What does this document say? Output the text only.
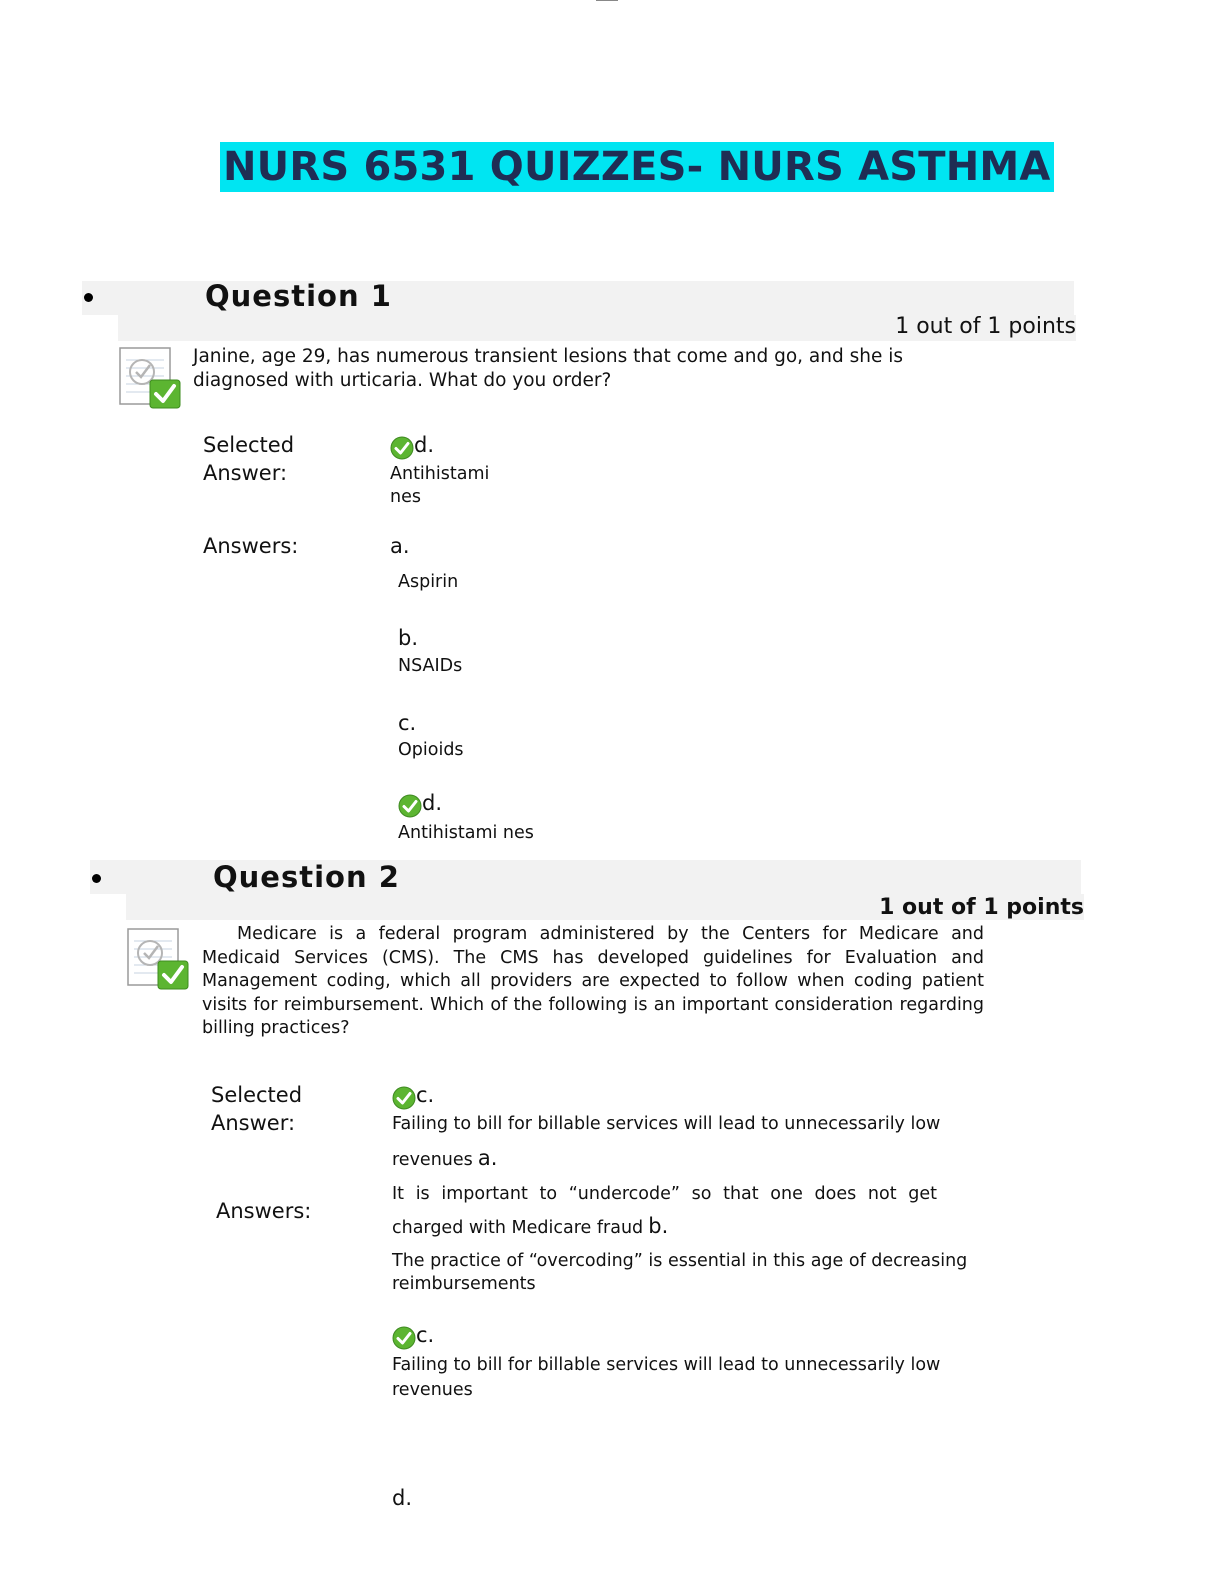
NURS 6531 QUIZZES- NURS ASTHMA
Question 1
1 out of 1 points
Janine, age 29, has numerous transient lesions that come and go, and she is diagnosed with urticaria. What do you order?
Selected Answer:
d.
Antihistami
nes
Answers:	a.
Aspirin
b.
NSAIDs
c.
Opioids
d.
Antihistami nes
Question 2
1 out of 1 points
Medicare is a federal program administered by the Centers for Medicare and Medicaid Services (CMS). The CMS has developed guidelines for Evaluation and Management coding, which all providers are expected to follow when coding patient visits for reimbursement. Which of the following is an important consideration regarding billing practices?
Selected Answer:
c.
Failing to bill for billable services will lead to unnecessarily low
revenues a.
Answers:
It is important to “undercode” so that one does not get
charged with Medicare fraud b.
The practice of “overcoding” is essential in this age of decreasing
reimbursements
c.
Failing to bill for billable services will lead to unnecessarily low
revenues
d.
